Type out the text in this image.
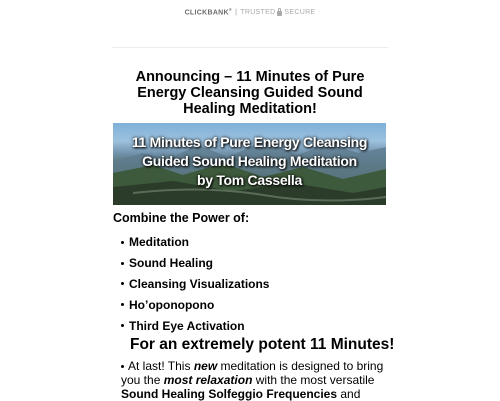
CLICKBANK® | TRUSTED SECURE
Announcing – 11 Minutes of Pure Energy Cleansing Guided Sound Healing Meditation!
11 Minutes of Pure Energy Cleansing
Guided Sound Healing Meditation
by Tom Cassella
Combine the Power of:
Meditation
Sound Healing
Cleansing Visualizations
Ho’oponopono
Third Eye Activation
For an extremely potent 11 Minutes!
At last! This new meditation is designed to bring you the most relaxation with the most versatile Sound Healing Solfeggio Frequencies and
